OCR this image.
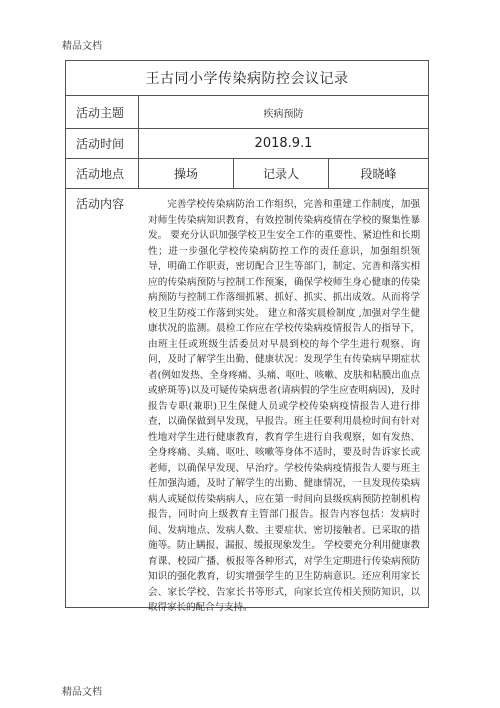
精品文档
王古同小学传染病防控会议记录
活动主题	疾病预防
活动时间	2018.9.1
活动地点	操场	记录人	段晓峰
活动内容	完善学校传染病防治工作组织，完善和重建工作制度，加强对师生传染病知识教育，有效控制传染病疫情在学校的聚集性暴发。 要充分认识加强学校卫生安全工作的重要性、紧迫性和长期性；进一步强化学校传染病防控工作的责任意识，加强组织领导，明确工作职责，密切配合卫生等部门，制定、完善和落实相应的传染病预防与控制工作预案，确保学校师生身心健康的传染病预防与控制工作落细抓紧、抓好、抓实、抓出成效。从而将学校卫生防疫工作落到实处。 建立和落实晨检制度 ,加强对学生健康状况的监测。晨检工作应在学校传染病疫情报告人的指导下，由班主任或班级生活委员对早晨到校的每个学生进行观察、询问，及时了解学生出勤、健康状况：发现学生有传染病早期症状者(例如发热、全身疼痛、头痛、呕吐、咳嗽、皮肤和粘膜出血点或瘀斑等)以及可疑传染病患者(请病假的学生应查明病因)，及时报告专职(兼职)卫生保健人员或学校传染病疫情报告人进行排查，以确保做到早发现，早报告。班主任要利用晨检时间有针对性地对学生进行健康教育，教育学生进行自我观察，如有发热、全身疼痛、头痛、呕吐、咳嗽等身体不适时，要及时告诉家长或老师，以确保早发现、早治疗。学校传染病疫情报告人要与班主任加强沟通，及时了解学生的出勤、健康情况，一旦发现传染病病人或疑似传染病病人，应在第一时间向县级疾病预防控制机构报告，同时向上级教育主管部门报告。报告内容包括：发病时间、发病地点、发病人数、主要症状、密切接触者、已采取的措施等。防止瞒报、漏报、缓报现象发生。 学校要充分利用健康教育课、校园广播、板报等各种形式，对学生定期进行传染病预防知识的强化教育，切实增强学生的卫生防病意识。还应利用家长会、家长学校、告家长书等形式，向家长宣传相关预防知识，以取得家长的配合与支持。

精品文档
